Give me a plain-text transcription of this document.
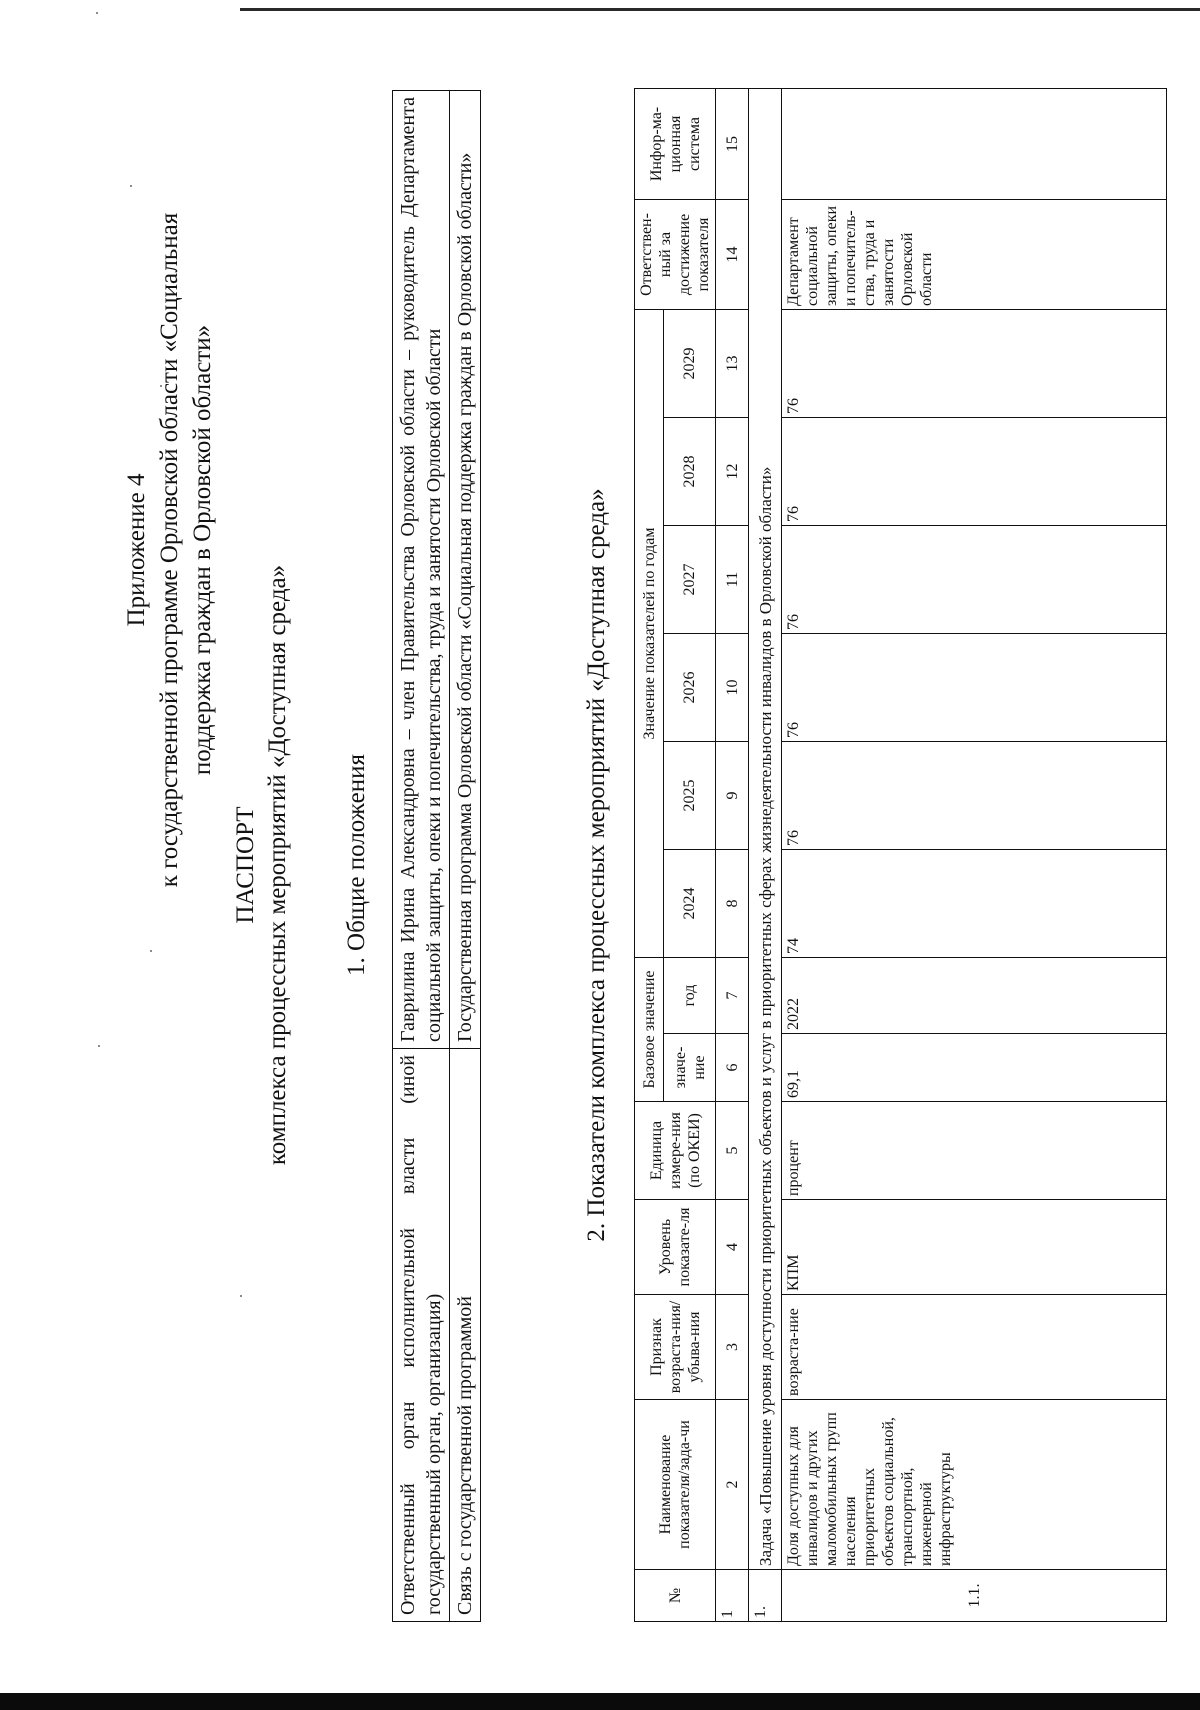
Приложение 4 к государственной программе Орловской области «Социальная поддержка граждан в Орловской области»
ПАСПОРТ комплекса процессных мероприятий «Доступная среда» 1. Общие положения
Ответственный орган исполнительной власти (иной государственный орган, организация)	Гаврилина Ирина Александровна – член Правительства Орловской области – руководитель Департамента социальной защиты, опеки и попечительства, труда и занятости Орловской области
Связь с государственной программой	Государственная программа Орловской области «Социальная поддержка граждан в Орловской области»	2. Показатели комплекса процессных мероприятий «Доступная среда»
№	Наименование показателя/зада-чи	Признак возраста-ния/ убыва-ния	Уровень показате-ля	Единица измере-ния (по ОКЕИ)	Базовое значение		Значение показателей по годам						Ответствен-ный за достижение показателя	Инфор-ма-ционная система
					значе-ние	год	2024	2025	2026	2027	2028	2029		
1	2	3	4	5	6	7	8	9	10	11	12	13	14	15
1.	Задача «Повышение уровня доступности приоритетных объектов и услуг в приоритетных сферах жизнедеятельности инвалидов в Орловской области»													
1.1.	Доля доступных для инвалидов и других маломобильных групп населения приоритетных объектов социальной, транспортной, инженерной инфраструктуры	возраста-ние	КПМ	процент	69,1	2022	74	76	76	76	76	76	Департамент социальной защиты, опеки и попечитель-ства, труда и занятости Орловской области	
